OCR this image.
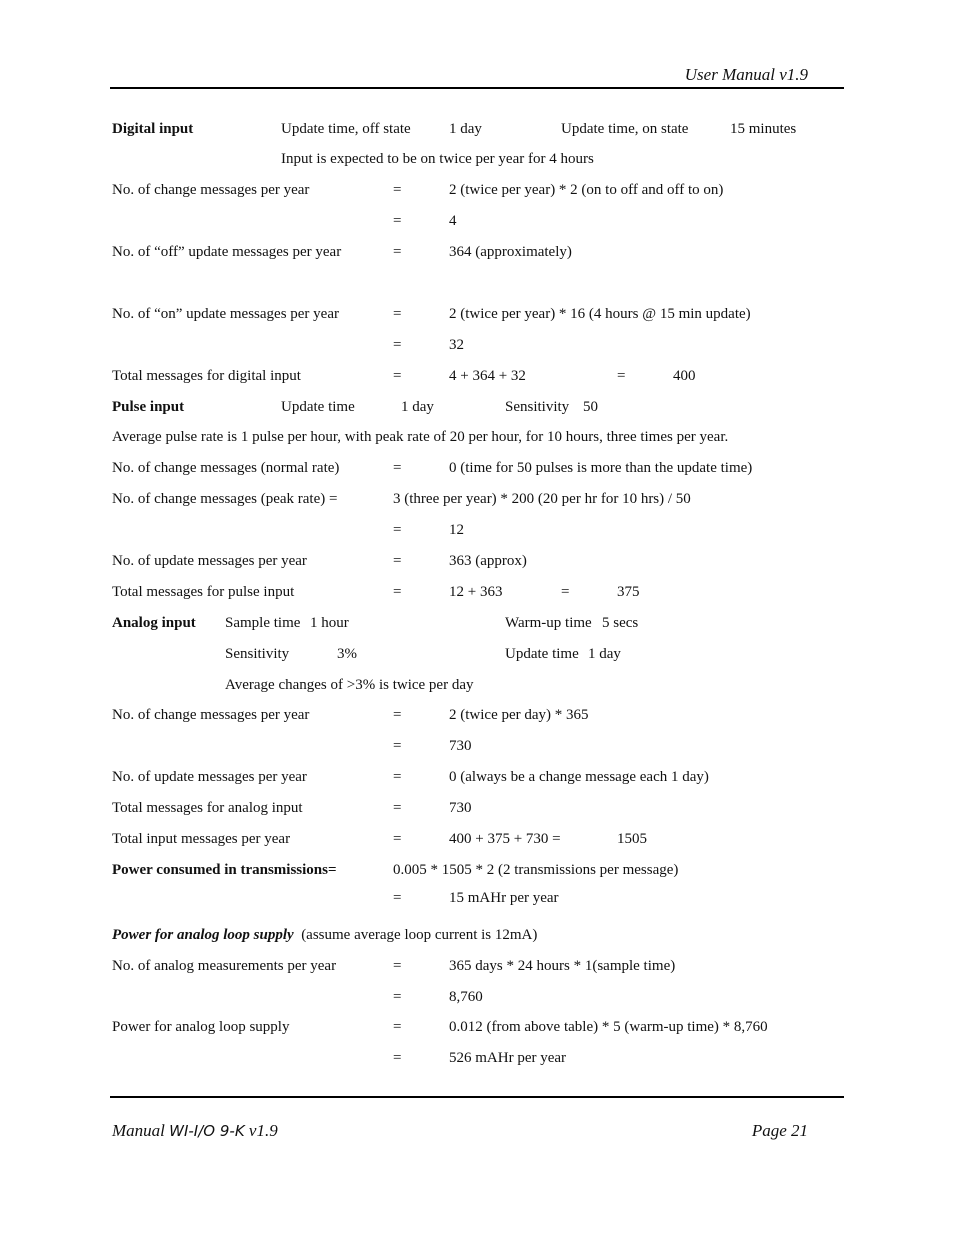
User Manual v1.9
Digital input	Update time, off state	1 day	Update time, on state	15 minutes
Input is expected to be on twice per year for 4 hours
No. of change messages per year	=	2 (twice per year) * 2 (on to off and off to on)
=	4
No. of “off” update messages per year	=	364 (approximately)
No. of “on” update messages per year	=	2 (twice per year) * 16 (4 hours @ 15 min update)
=	32
Total messages for digital input	=	4 + 364 + 32	=	400
Pulse input	Update time	1 day	Sensitivity 50
Average pulse rate is 1 pulse per hour, with peak rate of 20 per hour, for 10 hours, three times per year.
No. of change messages (normal rate)	=	0 (time for 50 pulses is more than the update time)
No. of change messages (peak rate) =	3 (three per year) * 200 (20 per hr for 10 hrs) / 50
=	12
No. of update messages per year	=	363 (approx)
Total messages for pulse input	=	12 + 363	=	375
Analog input Sample time 1 hour	Warm-up time 5 secs
Sensitivity	3%	Update time 1 day
Average changes of >3% is twice per day
No. of change messages per year	=	2 (twice per day) * 365
=	730
No. of update messages per year	=	0 (always be a change message each 1 day)
Total messages for analog input	=	730
Total input messages per year	=	400 + 375 + 730 =	1505
Power consumed in transmissions=	0.005 * 1505 * 2 (2 transmissions per message)
=	15 mAHr per year
Power for analog loop supply (assume average loop current is 12mA)
No. of analog measurements per year	=	365 days * 24 hours * 1(sample time)
=	8,760
Power for analog loop supply	=	0.012 (from above table) * 5 (warm-up time) * 8,760
=	526 mAHr per year
Manual WI-I/O 9-K v1.9	Page 21
